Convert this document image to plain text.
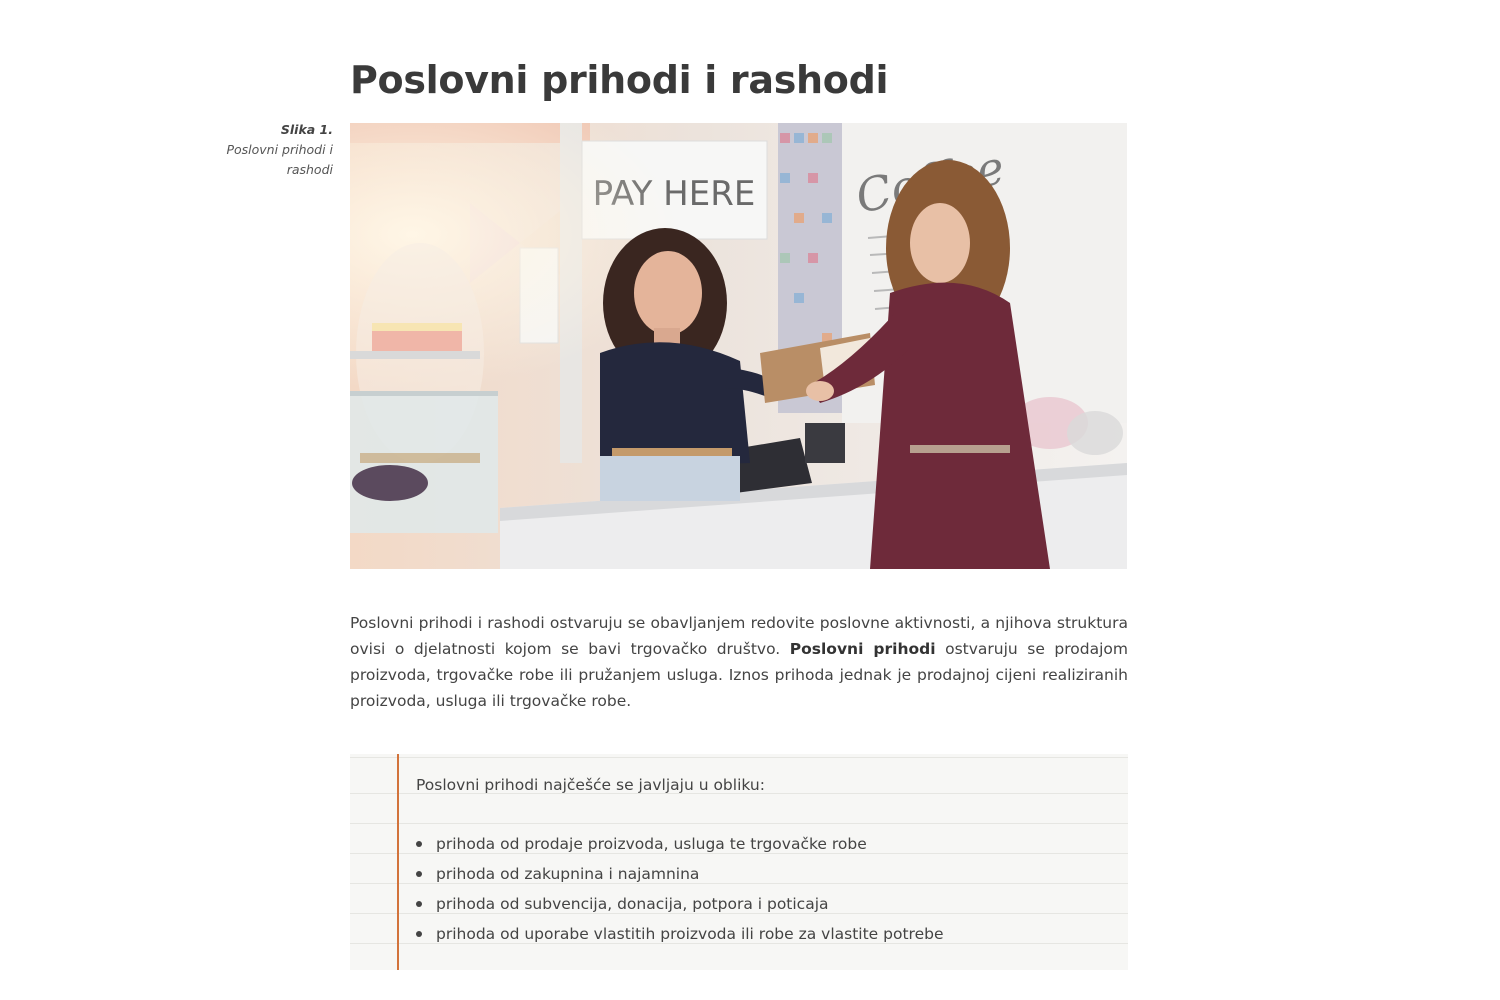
Poslovni prihodi i rashodi
Slika 1.
Poslovni prihodi i rashodi

Poslovni prihodi i rashodi ostvaruju se obavljanjem redovite poslovne aktivnosti, a njihova struktura ovisi o djelatnosti kojom se bavi trgovačko društvo. Poslovni prihodi ostvaruju se prodajom proizvoda, trgovačke robe ili pružanjem usluga. Iznos prihoda jednak je prodajnoj cijeni realiziranih proizvoda, usluga ili trgovačke robe.

Poslovni prihodi najčešće se javljaju u obliku:

prihoda od prodaje proizvoda, usluga te trgovačke robe
prihoda od zakupnina i najamnina
prihoda od subvencija, donacija, potpora i poticaja
prihoda od uporabe vlastitih proizvoda ili robe za vlastite potrebe
